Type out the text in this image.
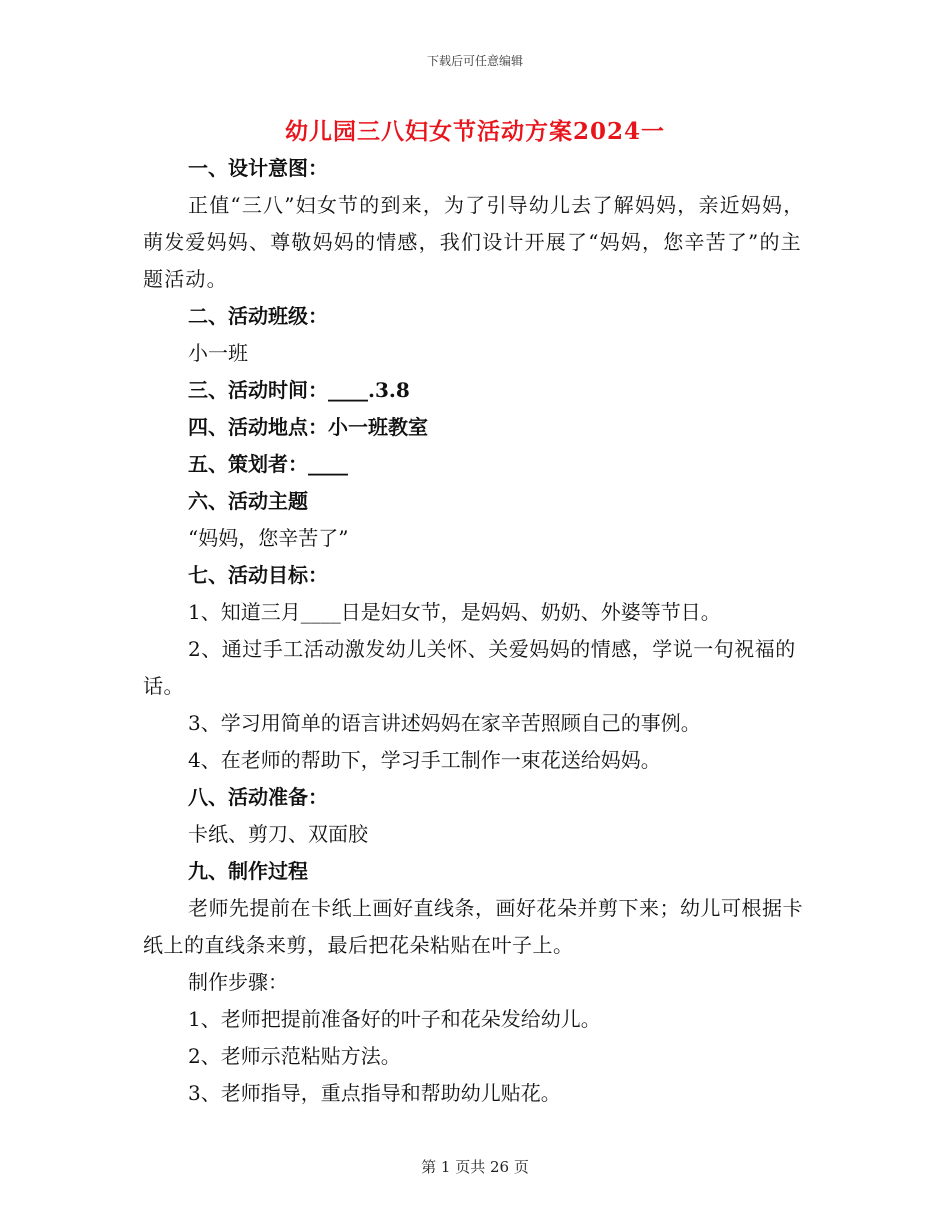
下载后可任意编辑
幼儿园三八妇女节活动方案2024一
一、设计意图：
正值“三八”妇女节的到来，为了引导幼儿去了解妈妈，亲近妈妈，萌发爱妈妈、尊敬妈妈的情感，我们设计开展了“妈妈，您辛苦了”的主题活动。
二、活动班级：
小一班
三、活动时间：____.3.8
四、活动地点：小一班教室
五、策划者：____
六、活动主题
“妈妈，您辛苦了”
七、活动目标：
1、知道三月____日是妇女节，是妈妈、奶奶、外婆等节日。
2、通过手工活动激发幼儿关怀、关爱妈妈的情感，学说一句祝福的话。
3、学习用简单的语言讲述妈妈在家辛苦照顾自己的事例。
4、在老师的帮助下，学习手工制作一束花送给妈妈。
八、活动准备：
卡纸、剪刀、双面胶
九、制作过程
老师先提前在卡纸上画好直线条，画好花朵并剪下来；幼儿可根据卡纸上的直线条来剪，最后把花朵粘贴在叶子上。
制作步骤：
1、老师把提前准备好的叶子和花朵发给幼儿。
2、老师示范粘贴方法。
3、老师指导，重点指导和帮助幼儿贴花。
第 1 页共 26 页
